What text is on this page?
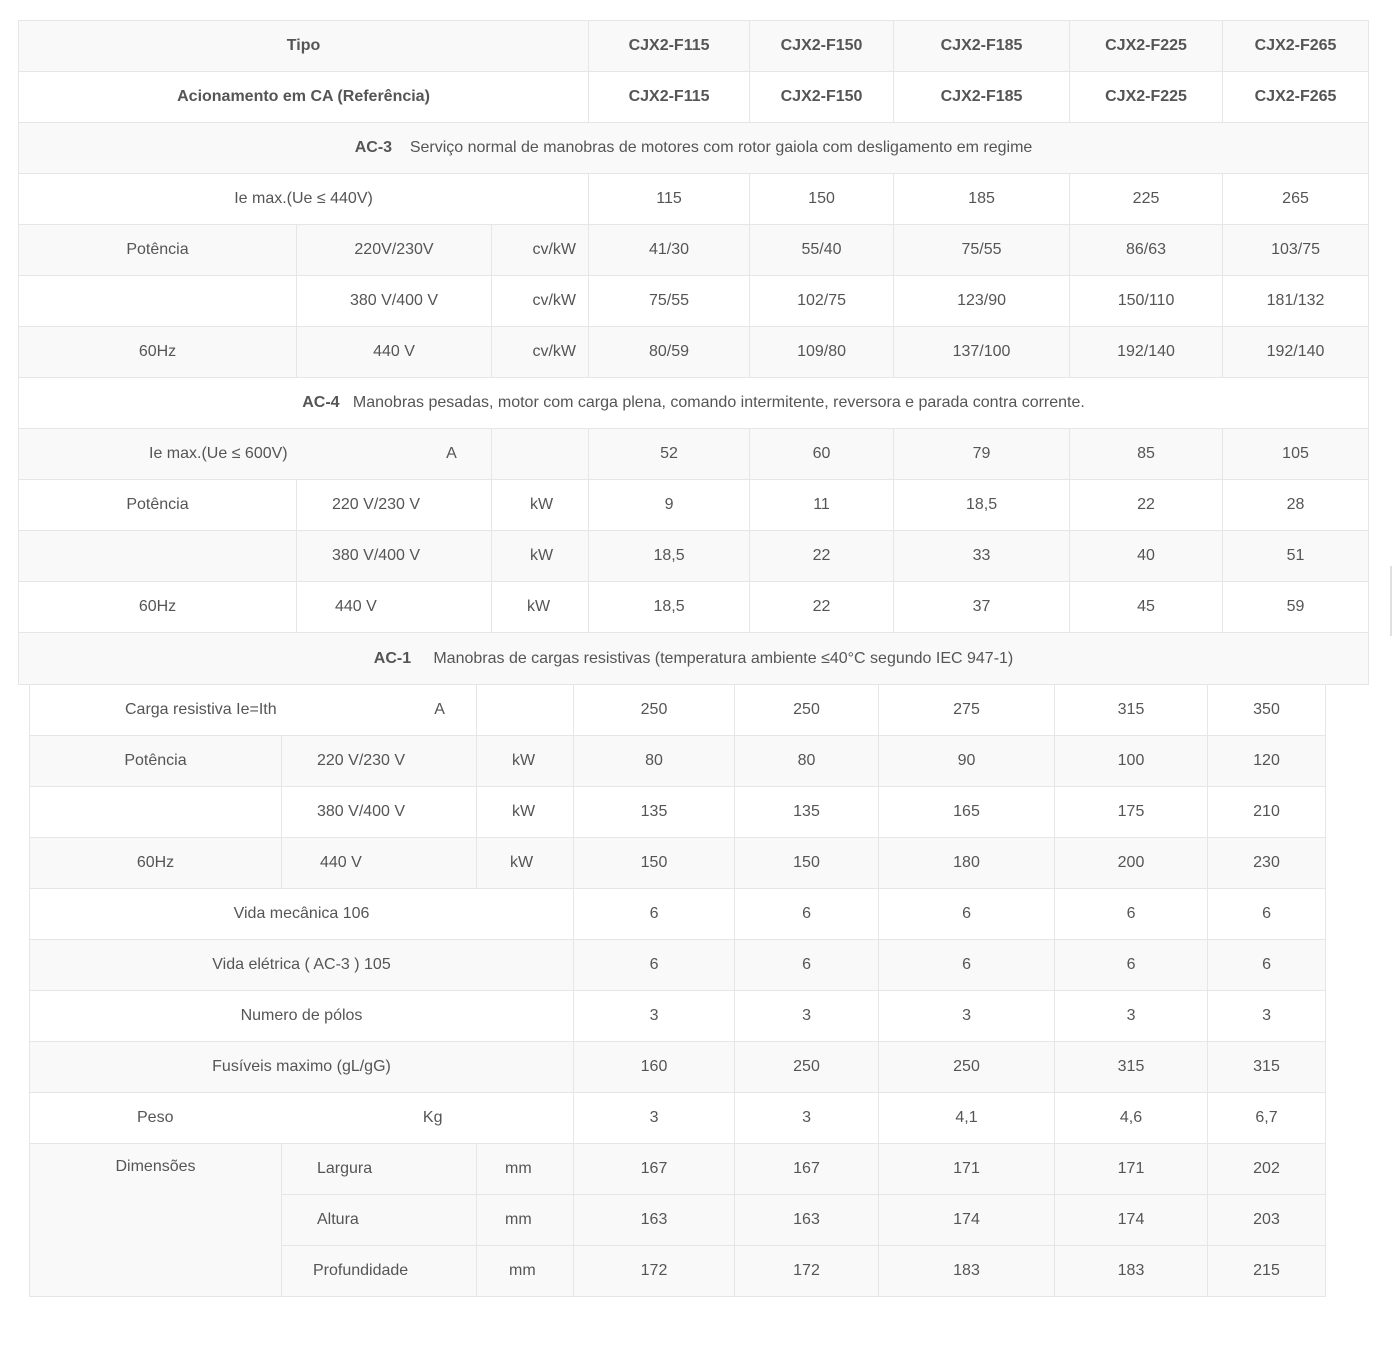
Tipo			CJX2-F115	CJX2-F150	CJX2-F185	CJX2-F225	CJX2-F265
Acionamento em CA (Referência)			CJX2-F115	CJX2-F150	CJX2-F185	CJX2-F225	CJX2-F265
AC-3 Serviço normal de manobras de motores com rotor gaiola com desligamento em regime							
Ie max.(Ue ≤ 440V)			115	150	185	225	265
Potência	220V/230V	cv/kW	41/30	55/40	75/55	86/63	103/75
	380 V/400 V	cv/kW	75/55	102/75	123/90	150/110	181/132
60Hz	440 V	cv/kW	80/59	109/80	137/100	192/140	192/140
AC-4 Manobras pesadas, motor com carga plena, comando intermitente, reversora e parada contra corrente.							
Ie max.(Ue ≤ 600V) A			52	60	79	85	105
Potência	220 V/230 V	kW	9	11	18,5	22	28
	380 V/400 V	kW	18,5	22	33	40	51
60Hz	440 V	kW	18,5	22	37	45	59
AC-1 Manobras de cargas resistivas (temperatura ambiente ≤40°C segundo IEC 947-1)							
Carga resistiva Ie=Ith A			250	250	275	315	350
Potência	220 V/230 V	kW	80	80	90	100	120
	380 V/400 V	kW	135	135	165	175	210
60Hz	440 V	kW	150	150	180	200	230
Vida mecânica 106			6	6	6	6	6
Vida elétrica ( AC-3 ) 105			6	6	6	6	6
Numero de pólos			3	3	3	3	3
Fusíveis maximo (gL/gG)			160	250	250	315	315
Peso Kg			3	3	4,1	4,6	6,7
Dimensões	Largura	mm	167	167	171	171	202
	Altura	mm	163	163	174	174	203
	Profundidade	mm	172	172	183	183	215
